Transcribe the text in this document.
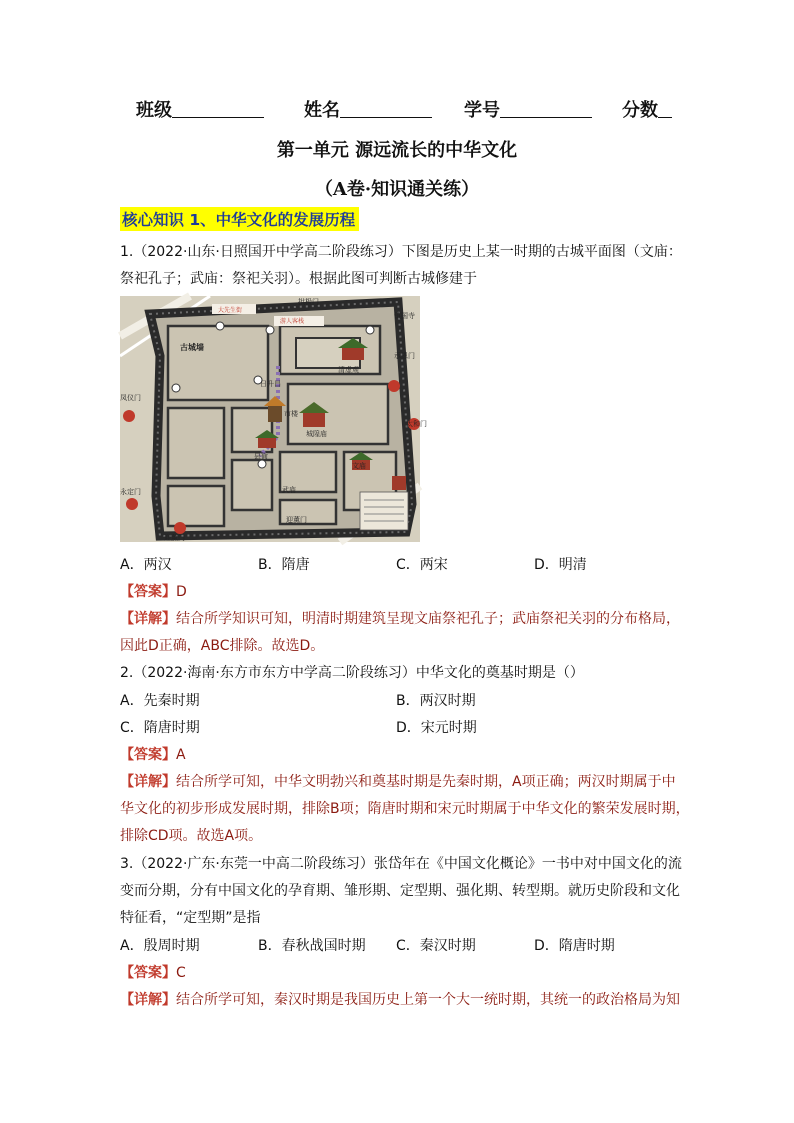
班级	姓名	学号	分数
第一单元 源远流长的中华文化
（A卷·知识通关练）
核心知识 1、中华文化的发展历程
1.（2022·山东·日照国开中学高二阶段练习）下图是历史上某一时期的古城平面图（文庙：
祭祀孔子；武庙：祭祀关羽）。根据此图可判断古城修建于
拱极门
镇国寺
古城墙
大先生街
游人客栈
承恩门
清虚观
日升昌
市楼
城隍庙
县衙
文庙
武庙
凤仪门
永定门
迎薰门
太和门
迎薰门
A．两汉	B．隋唐	C．两宋	D．明清
【答案】D
【详解】结合所学知识可知，明清时期建筑呈现文庙祭祀孔子；武庙祭祀关羽的分布格局，
因此D正确，ABC排除。故选D。
2.（2022·海南·东方市东方中学高二阶段练习）中华文化的奠基时期是（）
A．先秦时期	B．两汉时期
C．隋唐时期	D．宋元时期
【答案】A
【详解】结合所学可知，中华文明勃兴和奠基时期是先秦时期，A项正确；两汉时期属于中
华文化的初步形成发展时期，排除B项；隋唐时期和宋元时期属于中华文化的繁荣发展时期，
排除CD项。故选A项。
3.（2022·广东·东莞一中高二阶段练习）张岱年在《中国文化概论》一书中对中国文化的流
变而分期，分有中国文化的孕育期、雏形期、定型期、强化期、转型期。就历史阶段和文化
特征看，“定型期”是指
A．殷周时期	B．春秋战国时期 C．秦汉时期	D．隋唐时期
【答案】C
【详解】结合所学可知，秦汉时期是我国历史上第一个大一统时期，其统一的政治格局为知
